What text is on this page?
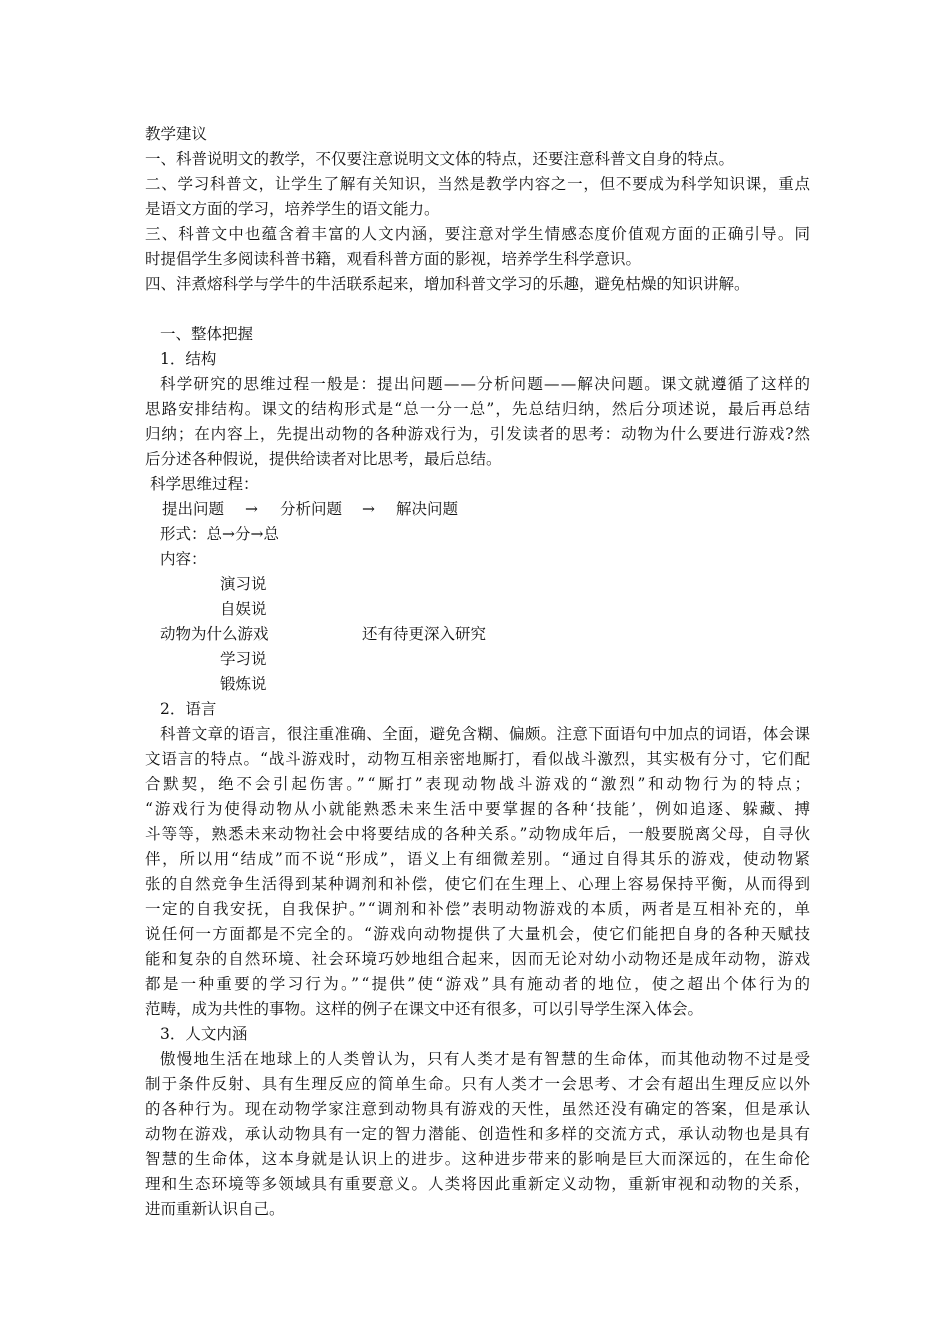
教学建议
一、科普说明文的教学，不仅要注意说明文文体的特点，还要注意科普文自身的特点。
二、学习科普文，让学生了解有关知识，当然是教学内容之一，但不要成为科学知识课，重点
是语文方面的学习，培养学生的语文能力。
三、科普文中也蕴含着丰富的人文内涵，要注意对学生情感态度价值观方面的正确引导。同
时提倡学生多阅读科普书籍，观看科普方面的影视，培养学生科学意识。
四、沣煮熔科学与学牛的牛活联系起来，增加科普文学习的乐趣，避免枯燥的知识讲解。
一、整体把握
1．结构
科学研究的思维过程一般是：提出问题——分析问题——解决问题。课文就遵循了这样的
思路安排结构。课文的结构形式是“总一分一总”，先总结归纳，然后分项述说，最后再总结
归纳；在内容上，先提出动物的各种游戏行为，引发读者的思考：动物为什么要进行游戏?然
后分述各种假说，提供给读者对比思考，最后总结。
科学思维过程：
提出问题 → 分析问题 → 解决问题
形式：总→分→总
内容：
演习说
自娱说
动物为什么游戏	还有待更深入研究
学习说
锻炼说
2．语言
科普文章的语言，很注重准确、全面，避免含糊、偏颇。注意下面语句中加点的词语，体会课
文语言的特点。“战斗游戏时，动物互相亲密地厮打，看似战斗激烈，其实极有分寸，它们配
合默契，绝不会引起伤害。”“厮打”表现动物战斗游戏的“激烈”和动物行为的特点；
“游戏行为使得动物从小就能熟悉未来生活中要掌握的各种‘技能’，例如追逐、躲藏、搏
斗等等，熟悉未来动物社会中将要结成的各种关系。”动物成年后，一般要脱离父母，自寻伙
伴，所以用“结成”而不说“形成”，语义上有细微差别。“通过自得其乐的游戏，使动物紧
张的自然竞争生活得到某种调剂和补偿，使它们在生理上、心理上容易保持平衡，从而得到
一定的自我安抚，自我保护。”“调剂和补偿”表明动物游戏的本质，两者是互相补充的，单
说任何一方面都是不完全的。“游戏向动物提供了大量机会，使它们能把自身的各种天赋技
能和复杂的自然环境、社会环境巧妙地组合起来，因而无论对幼小动物还是成年动物，游戏
都是一种重要的学习行为。”“提供”使“游戏”具有施动者的地位，使之超出个体行为的
范畴，成为共性的事物。这样的例子在课文中还有很多，可以引导学生深入体会。
3．人文内涵
傲慢地生活在地球上的人类曾认为，只有人类才是有智慧的生命体，而其他动物不过是受
制于条件反射、具有生理反应的简单生命。只有人类才一会思考、才会有超出生理反应以外
的各种行为。现在动物学家注意到动物具有游戏的天性，虽然还没有确定的答案，但是承认
动物在游戏，承认动物具有一定的智力潜能、创造性和多样的交流方式，承认动物也是具有
智慧的生命体，这本身就是认识上的进步。这种进步带来的影响是巨大而深远的，在生命伦
理和生态环境等多领域具有重要意义。人类将因此重新定义动物，重新审视和动物的关系，
进而重新认识自己。
